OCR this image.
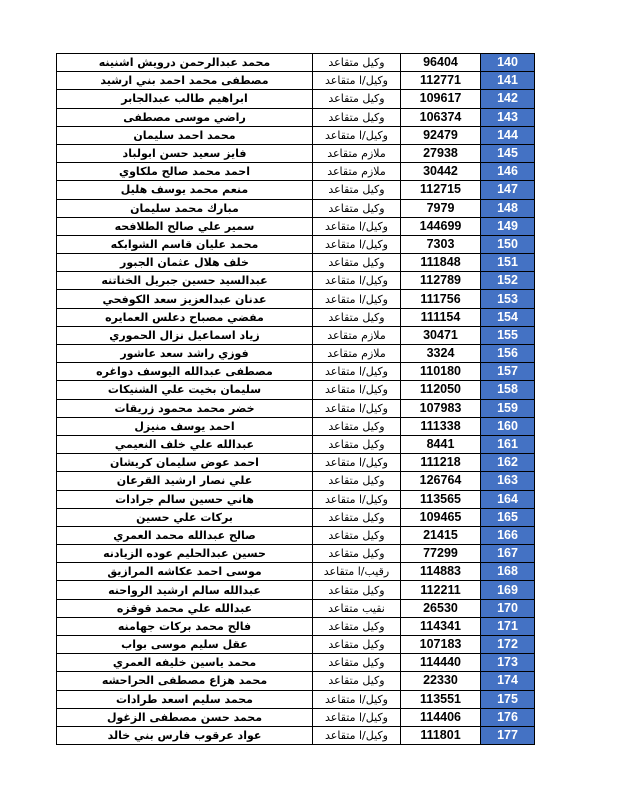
محمد عبدالرحمن درويش اشنينه	وكيل متقاعد	96404	140
مصطفى محمد احمد بني ارشيد	وكيل/ا متقاعد	112771	141
ابراهيم طالب عبدالجابر	وكيل متقاعد	109617	142
راضي موسى مصطفى	وكيل متقاعد	106374	143
محمد احمد سليمان	وكيل/ا متقاعد	92479	144
فايز سعيد حسن ابولباد	ملازم متقاعد	27938	145
احمد محمد صالح ملكاوي	ملازم متقاعد	30442	146
منعم محمد يوسف هليل	وكيل متقاعد	112715	147
مبارك محمد سليمان	وكيل متقاعد	7979	148
سمير علي صالح الطلافحه	وكيل/ا متقاعد	144699	149
محمد عليان قاسم الشوابكه	وكيل/ا متقاعد	7303	150
خلف هلال عثمان الجبور	وكيل متقاعد	111848	151
عبدالسيد حسين جبريل الخناتنه	وكيل/ا متقاعد	112789	152
عدنان عبدالعزيز سعد الكوفحي	وكيل/ا متقاعد	111756	153
مفضي مصباح دعلس العمايره	وكيل متقاعد	111154	154
زياد اسماعيل نزال الحموري	ملازم متقاعد	30471	155
فوزي راشد سعد عاشور	ملازم متقاعد	3324	156
مصطفى عبدالله اليوسف دواغره	وكيل/ا متقاعد	110180	157
سليمان بخيت علي الشنيكات	وكيل/ا متقاعد	112050	158
خضر محمد محمود زريقات	وكيل/ا متقاعد	107983	159
احمد يوسف منيزل	وكيل متقاعد	111338	160
عبدالله علي خلف النعيمي	وكيل متقاعد	8441	161
احمد عوض سليمان كريشان	وكيل/ا متقاعد	111218	162
علي نصار ارشيد القرعان	وكيل متقاعد	126764	163
هاني حسين سالم جرادات	وكيل/ا متقاعد	113565	164
بركات علي حسين	وكيل متقاعد	109465	165
صالح عبدالله محمد العمري	وكيل متقاعد	21415	166
حسين عبدالحليم عوده الزيادنه	وكيل متقاعد	77299	167
موسى احمد عكاشه المرازيق	رقيب/ا متقاعد	114883	168
عبدالله سالم ارشيد الرواحنه	وكيل متقاعد	112211	169
عبدالله علي محمد قوقزه	نقيب متقاعد	26530	170
فالح محمد بركات جهامنه	وكيل متقاعد	114341	171
عقل سليم موسى بواب	وكيل متقاعد	107183	172
محمد ياسين خليفه العمري	وكيل متقاعد	114440	173
محمد هزاع مصطفى الحراحشه	وكيل متقاعد	22330	174
محمد سليم اسعد طرادات	وكيل/ا متقاعد	113551	175
محمد حسن مصطفى الزغول	وكيل/ا متقاعد	114406	176
عواد عرقوب فارس بني خالد	وكيل/ا متقاعد	111801	177
